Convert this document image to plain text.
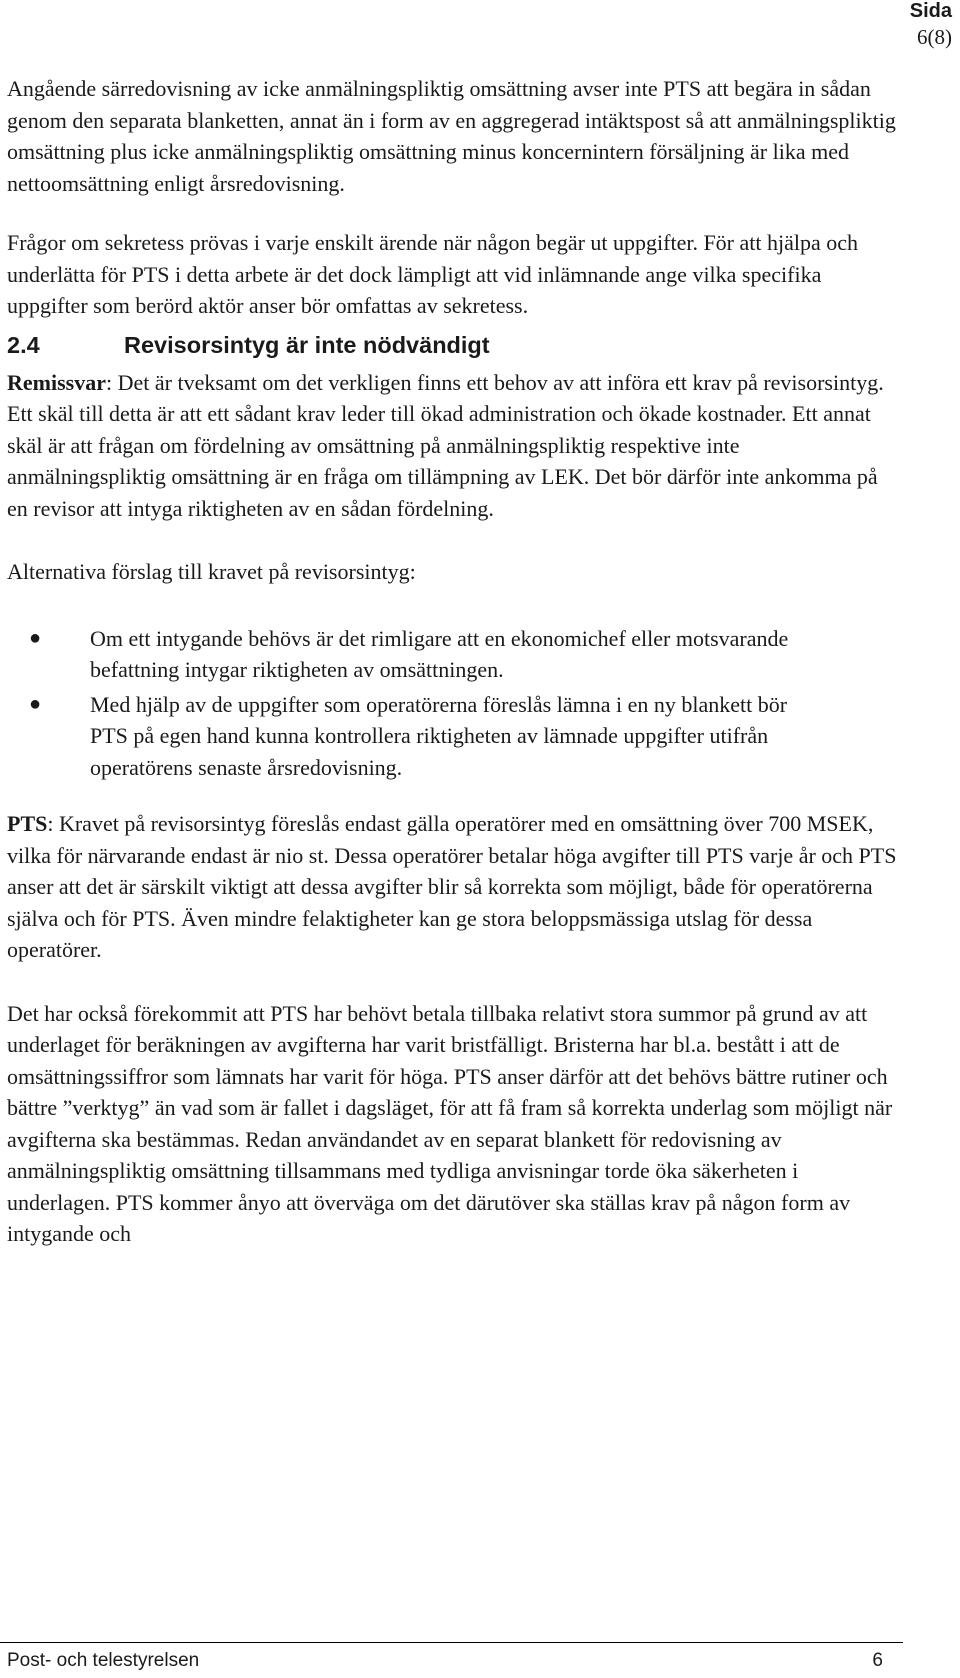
Sida
6(8)

Angående särredovisning av icke anmälningspliktig omsättning avser inte PTS att begära in sådan genom den separata blanketten, annat än i form av en aggregerad intäktspost så att anmälningspliktig omsättning plus icke anmälningspliktig omsättning minus koncernintern försäljning är lika med nettoomsättning enligt årsredovisning.

Frågor om sekretess prövas i varje enskilt ärende när någon begär ut uppgifter. För att hjälpa och underlätta för PTS i detta arbete är det dock lämpligt att vid inlämnande ange vilka specifika uppgifter som berörd aktör anser bör omfattas av sekretess.

2.4	Revisorsintyg är inte nödvändigt

Remissvar: Det är tveksamt om det verkligen finns ett behov av att införa ett krav på revisorsintyg. Ett skäl till detta är att ett sådant krav leder till ökad administration och ökade kostnader. Ett annat skäl är att frågan om fördelning av omsättning på anmälningspliktig respektive inte anmälningspliktig omsättning är en fråga om tillämpning av LEK. Det bör därför inte ankomma på en revisor att intyga riktigheten av en sådan fördelning.

Alternativa förslag till kravet på revisorsintyg:

●	Om ett intygande behövs är det rimligare att en ekonomichef eller motsvarande befattning intygar riktigheten av omsättningen.
●	Med hjälp av de uppgifter som operatörerna föreslås lämna i en ny blankett bör PTS på egen hand kunna kontrollera riktigheten av lämnade uppgifter utifrån operatörens senaste årsredovisning.

PTS: Kravet på revisorsintyg föreslås endast gälla operatörer med en omsättning över 700 MSEK, vilka för närvarande endast är nio st. Dessa operatörer betalar höga avgifter till PTS varje år och PTS anser att det är särskilt viktigt att dessa avgifter blir så korrekta som möjligt, både för operatörerna själva och för PTS. Även mindre felaktigheter kan ge stora beloppsmässiga utslag för dessa operatörer.

Det har också förekommit att PTS har behövt betala tillbaka relativt stora summor på grund av att underlaget för beräkningen av avgifterna har varit bristfälligt. Bristerna har bl.a. bestått i att de omsättningssiffror som lämnats har varit för höga. PTS anser därför att det behövs bättre rutiner och bättre ”verktyg” än vad som är fallet i dagsläget, för att få fram så korrekta underlag som möjligt när avgifterna ska bestämmas. Redan användandet av en separat blankett för redovisning av anmälningspliktig omsättning tillsammans med tydliga anvisningar torde öka säkerheten i underlagen. PTS kommer ånyo att överväga om det därutöver ska ställas krav på någon form av intygande och

Post- och telestyrelsen	6
